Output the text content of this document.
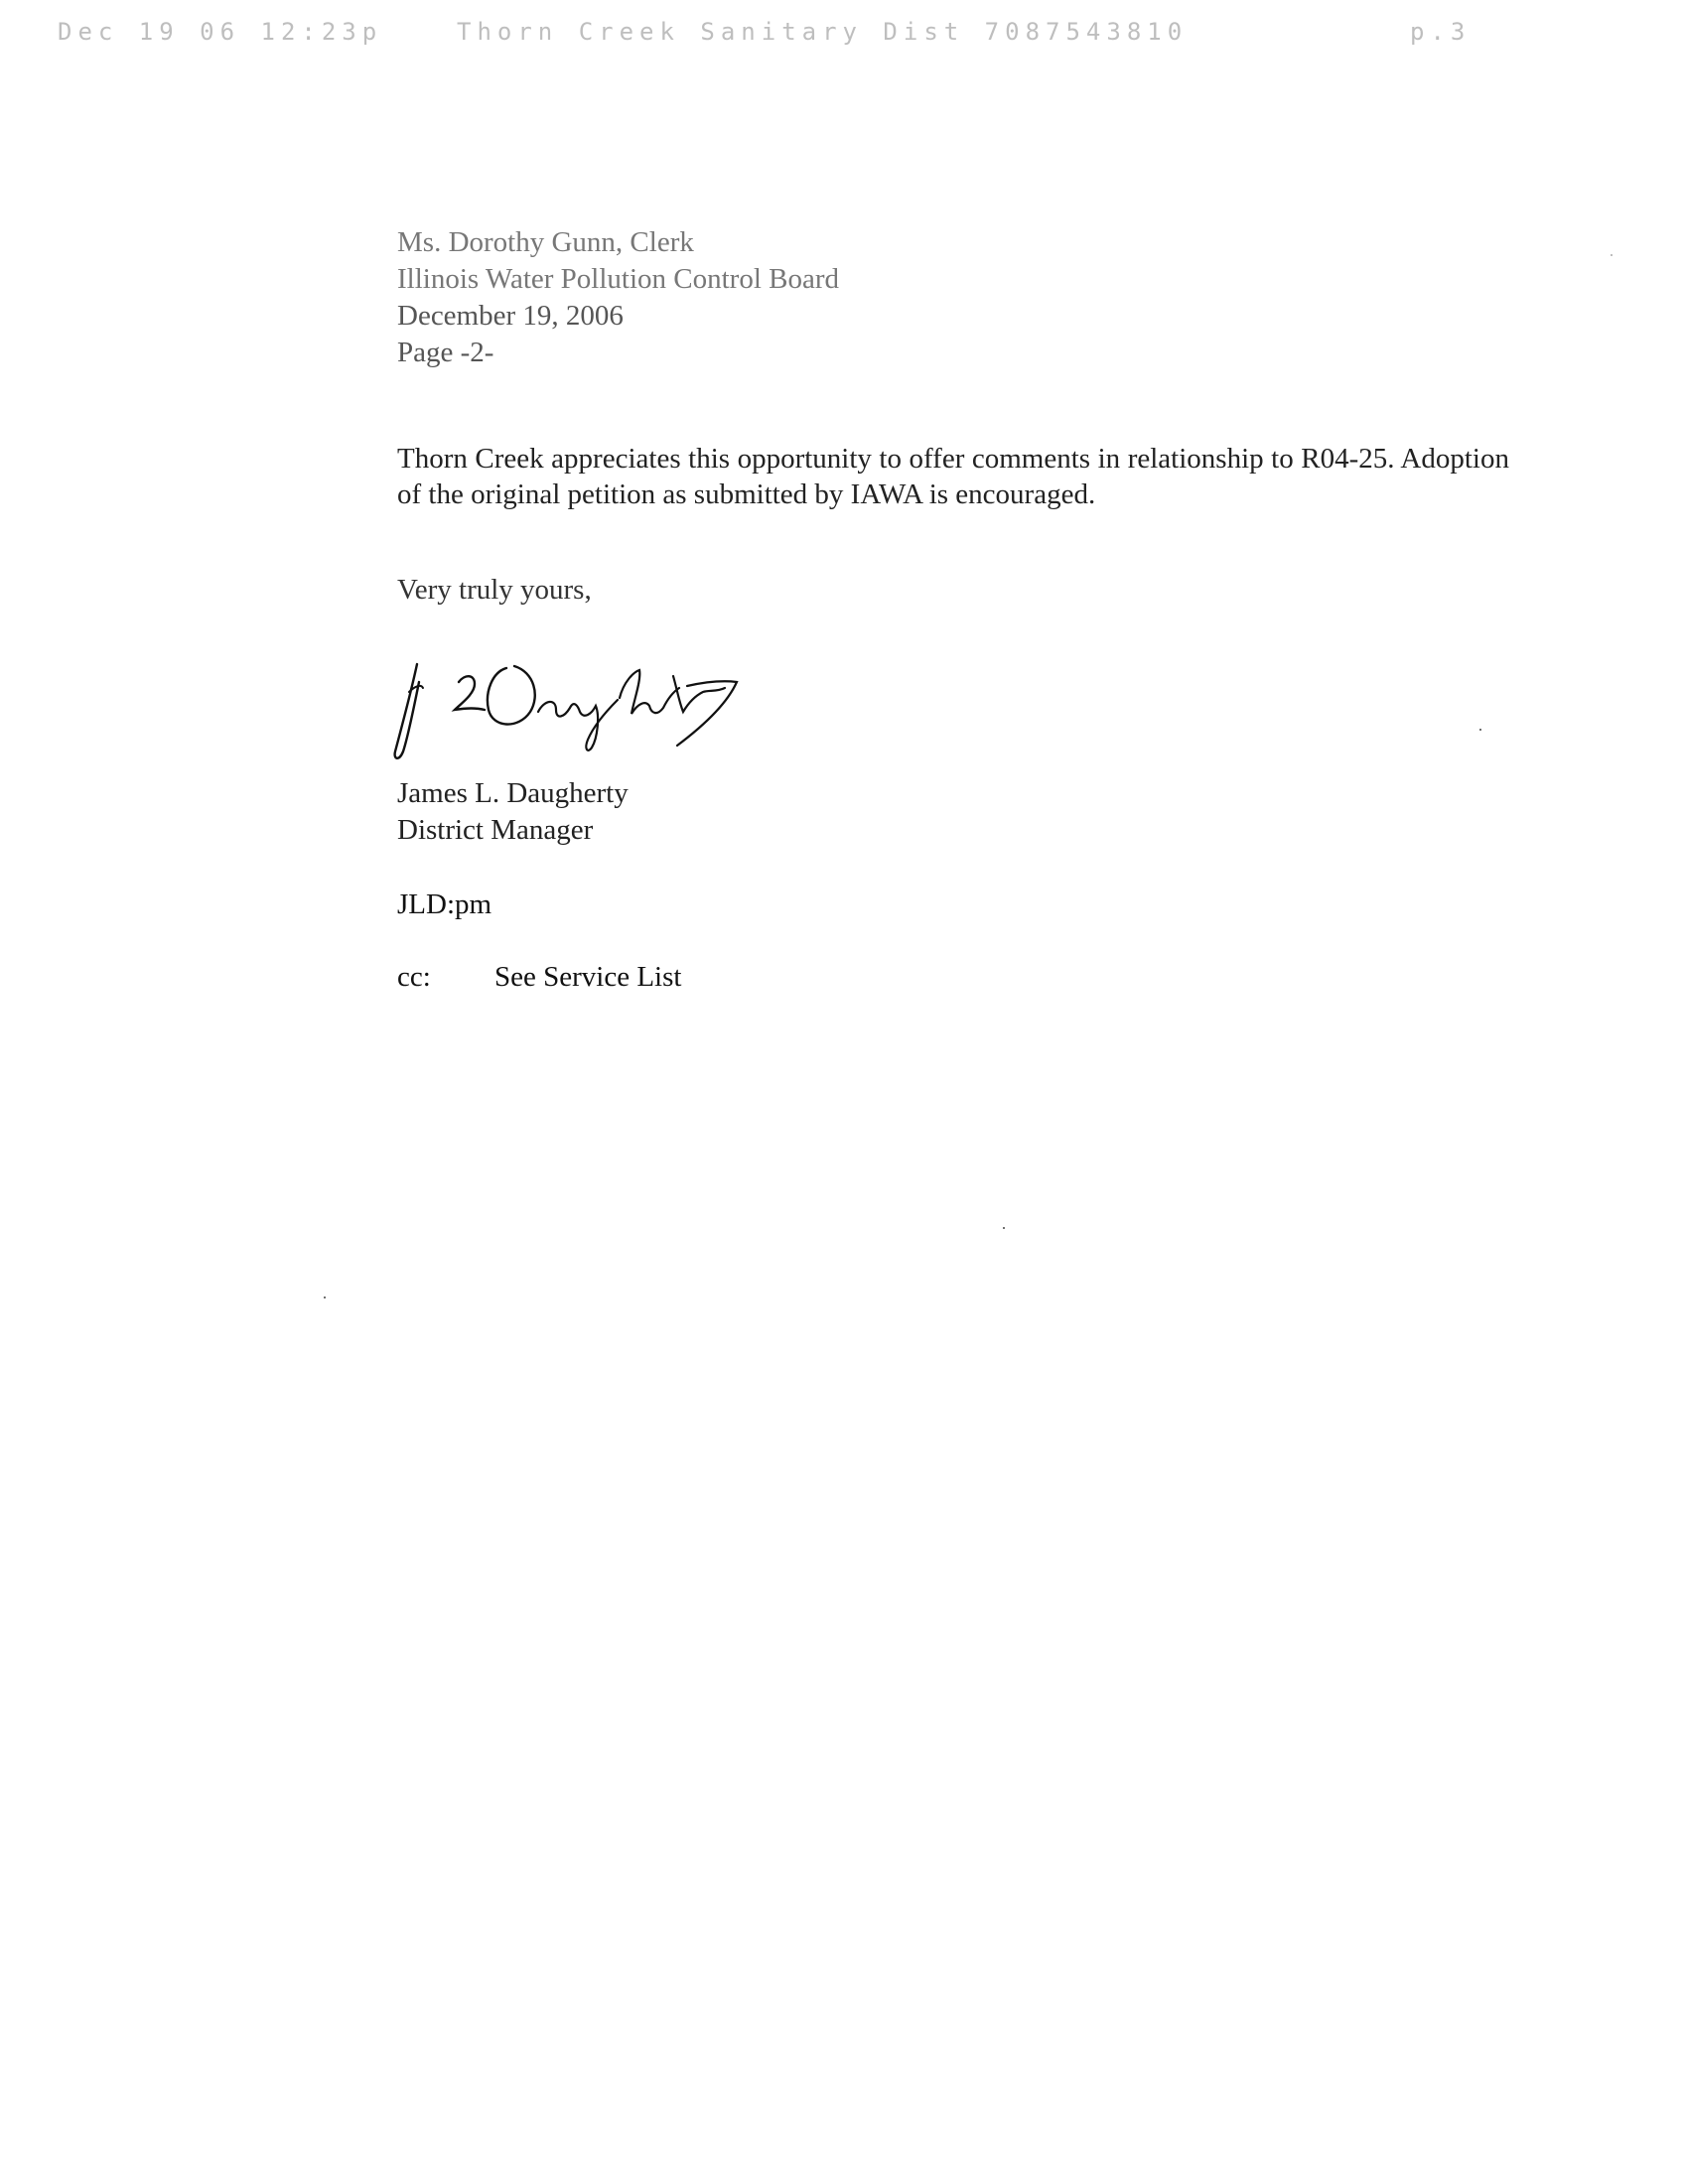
Dec 19 06 12:23p	Thorn Creek Sanitary Dist 7087543810	p.3
Ms. Dorothy Gunn, Clerk
Illinois Water Pollution Control Board
December 19, 2006
Page -2-
Thorn Creek appreciates this opportunity to offer comments in relationship to R04-25. Adoption of the original petition as submitted by IAWA is encouraged.
Very truly yours,
James L. Daugherty
District Manager
JLD:pm
cc:	See Service List
